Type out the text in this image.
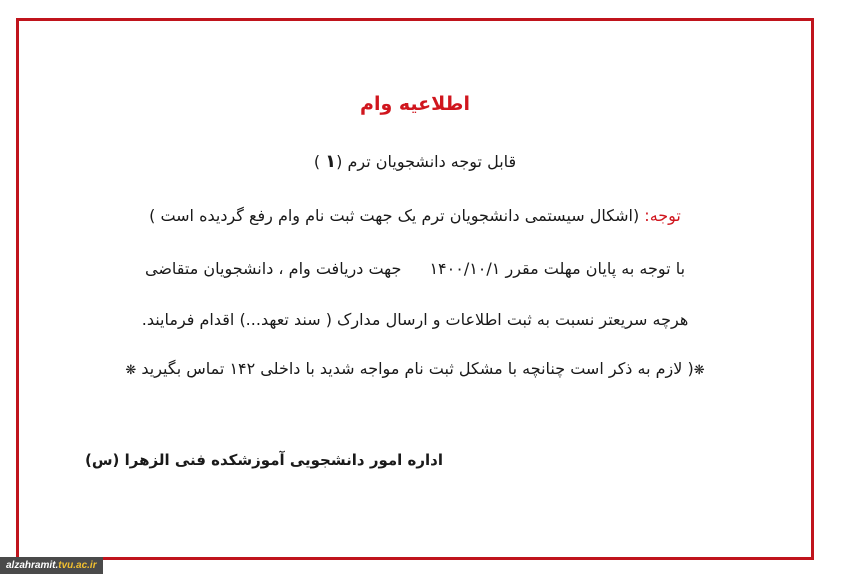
اطلاعیه وام
قابل توجه دانشجویان ترم (۱ )
توجه: (اشکال سیستمی دانشجویان ترم یک جهت ثبت نام وام رفع گردیده است )
با توجه به پایان مهلت مقرر ۱۴۰۰/۱۰/۱جهت دریافت وام ، دانشجویان متقاضی
هرچه سریعتر نسبت به ثبت اطلاعات و ارسال مدارک ( سند تعهد...) اقدام فرمایند.
❋( لازم به ذکر است چنانچه با مشکل ثبت نام مواجه شدید با داخلی ۱۴۲ تماس بگیرید ❋
اداره امور دانشجویی آموزشکده فنی الزهرا (س)
alzahramit.tvu.ac.ir
